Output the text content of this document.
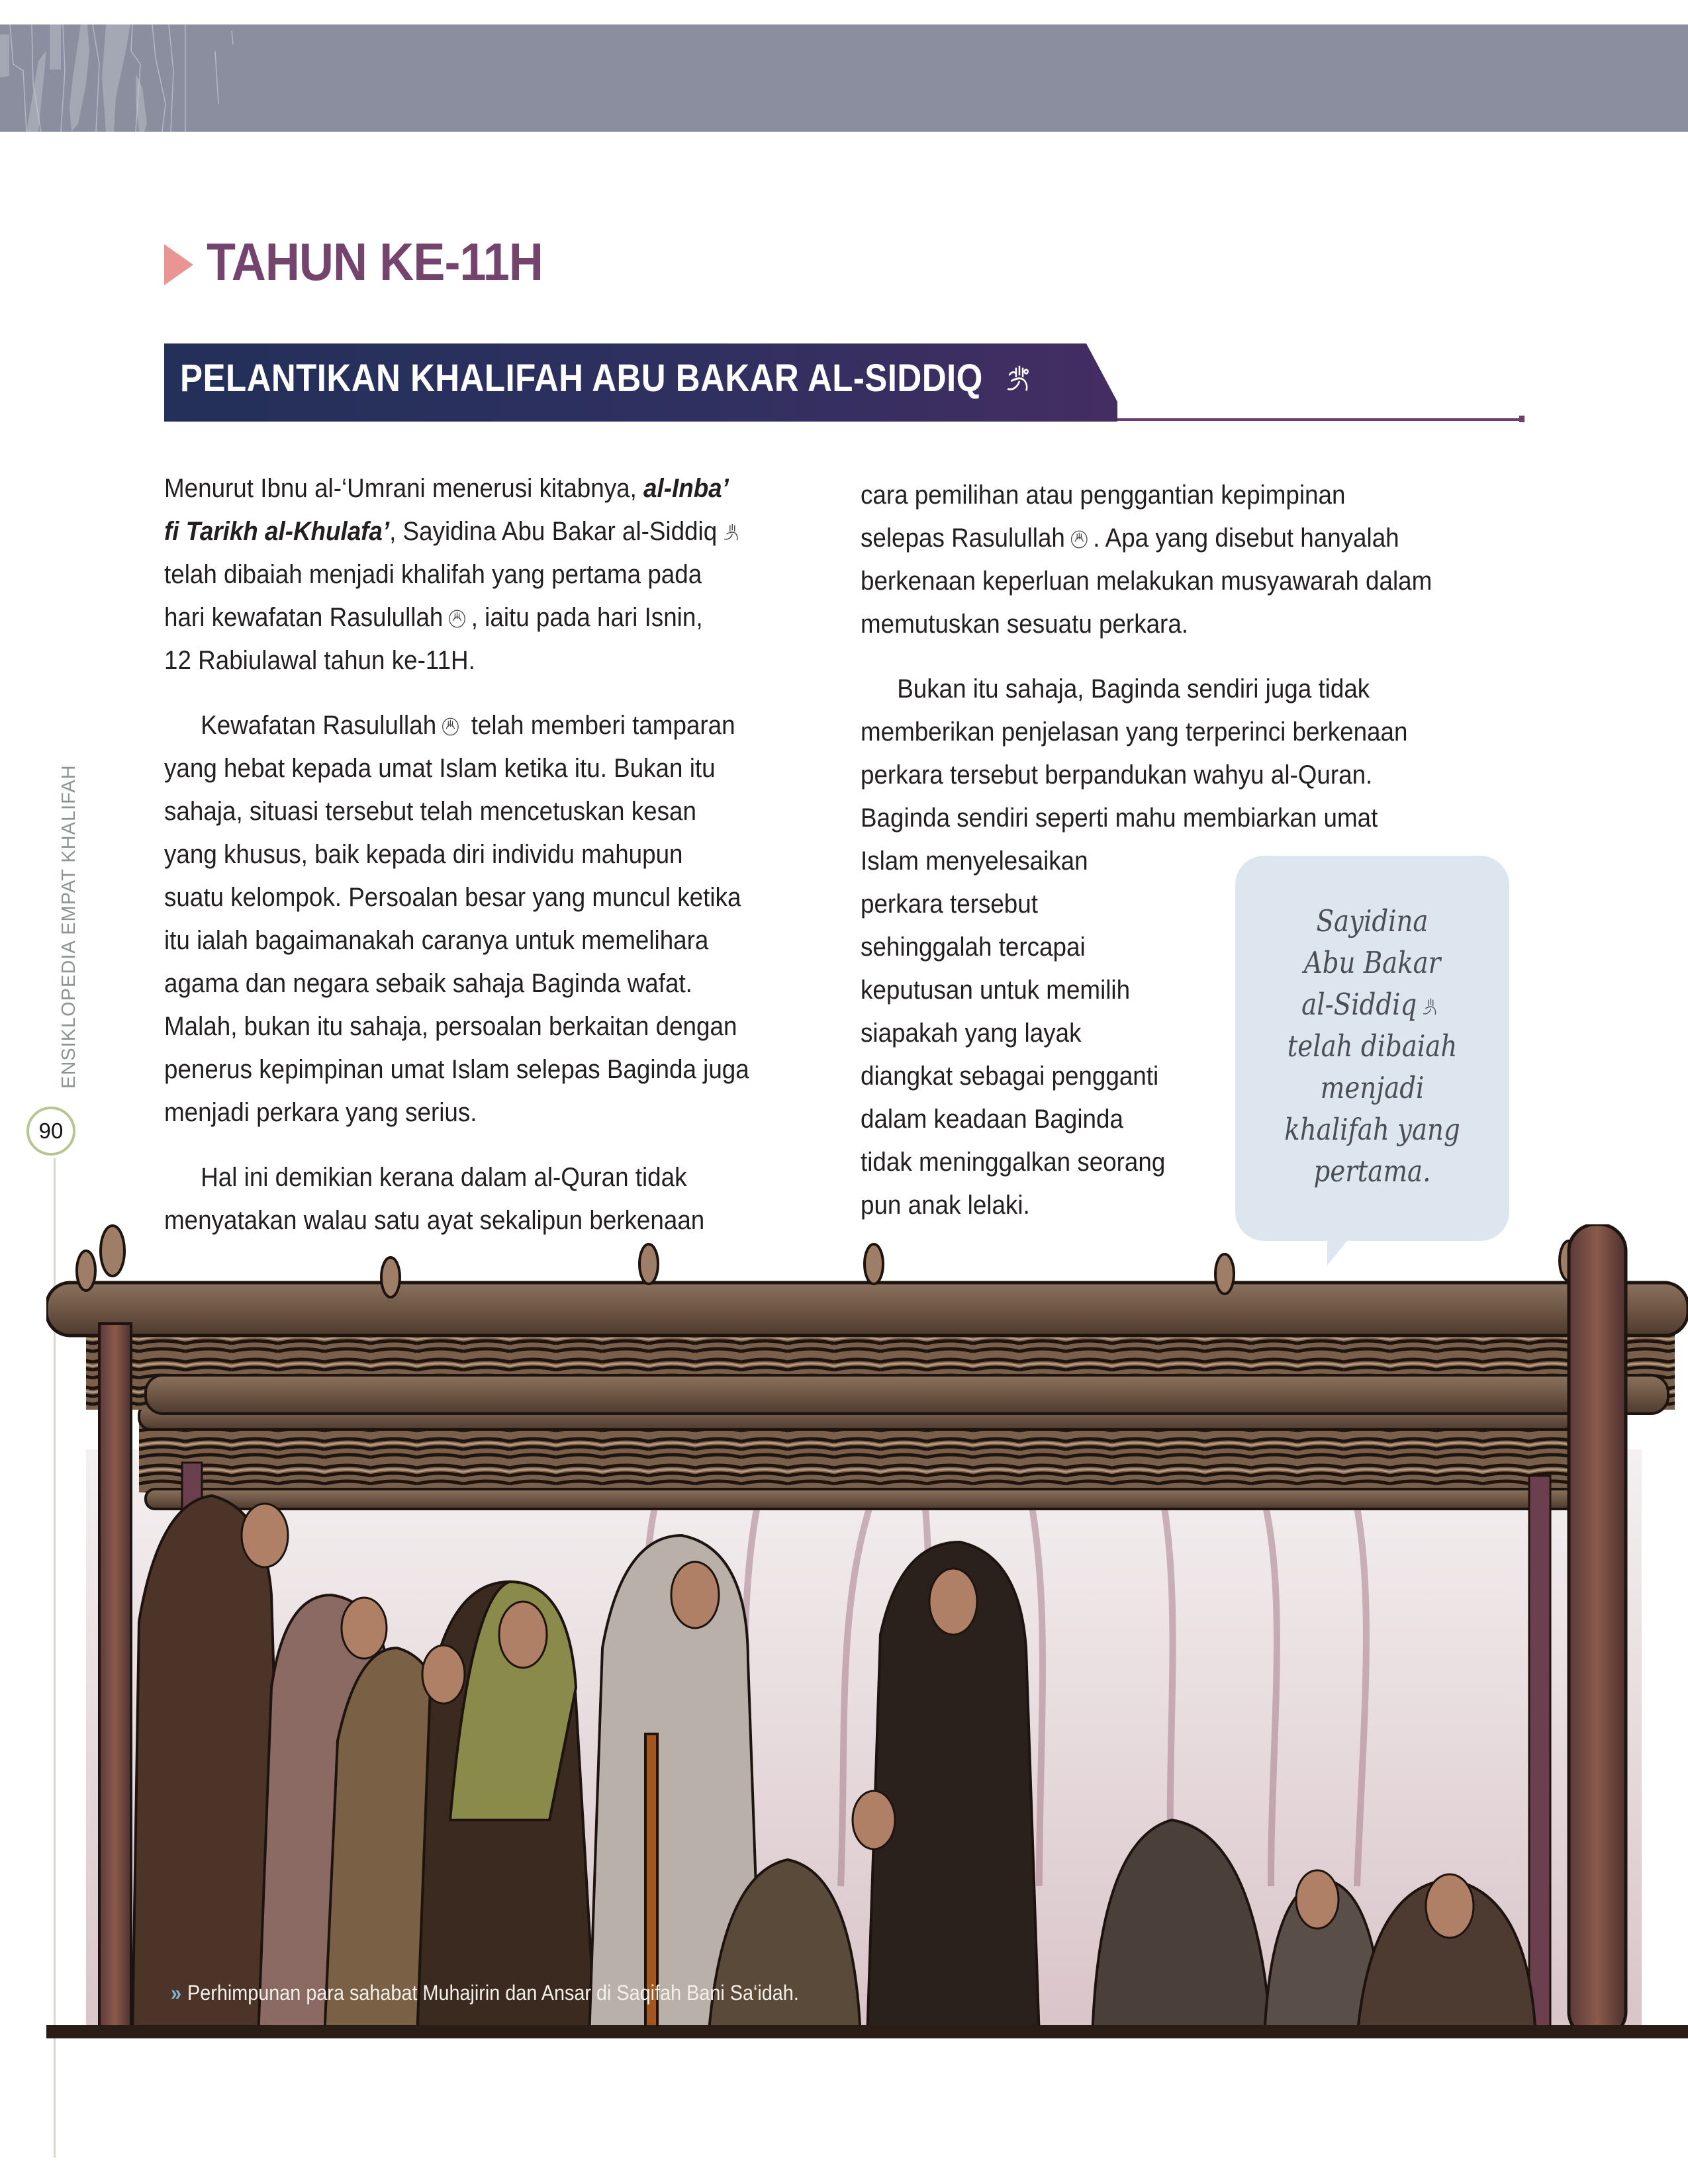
ENSIKLOPEDIA EMPAT KHALIFAH
90
TAHUN KE-11H
PELANTIKAN KHALIFAH ABU BAKAR AL-SIDDIQ

Menurut Ibnu al-‘Umrani menerusi kitabnya, al-Inba’
fi Tarikh al-Khulafa’, Sayidina Abu Bakar al-Siddiq
telah dibaiah menjadi khalifah yang pertama pada
hari kewafatan Rasulullah , iaitu pada hari Isnin,
12 Rabiulawal tahun ke-11H.

Kewafatan Rasulullah telah memberi tamparan
yang hebat kepada umat Islam ketika itu. Bukan itu
sahaja, situasi tersebut telah mencetuskan kesan
yang khusus, baik kepada diri individu mahupun
suatu kelompok. Persoalan besar yang muncul ketika
itu ialah bagaimanakah caranya untuk memelihara
agama dan negara sebaik sahaja Baginda wafat.
Malah, bukan itu sahaja, persoalan berkaitan dengan
penerus kepimpinan umat Islam selepas Baginda juga
menjadi perkara yang serius.

Hal ini demikian kerana dalam al-Quran tidak
menyatakan walau satu ayat sekalipun berkenaan

cara pemilihan atau penggantian kepimpinan
selepas Rasulullah . Apa yang disebut hanyalah
berkenaan keperluan melakukan musyawarah dalam
memutuskan sesuatu perkara.

Bukan itu sahaja, Baginda sendiri juga tidak
memberikan penjelasan yang terperinci berkenaan
perkara tersebut berpandukan wahyu al-Quran.
Baginda sendiri seperti mahu membiarkan umat
Islam menyelesaikan
perkara tersebut
sehinggalah tercapai
keputusan untuk memilih
siapakah yang layak
diangkat sebagai pengganti
dalam keadaan Baginda
tidak meninggalkan seorang
pun anak lelaki.

Sayidina
Abu Bakar
al-Siddiq
telah dibaiah
menjadi
khalifah yang
pertama.
» Perhimpunan para sahabat Muhajirin dan Ansar di Saqifah Bani Sa‘idah.
